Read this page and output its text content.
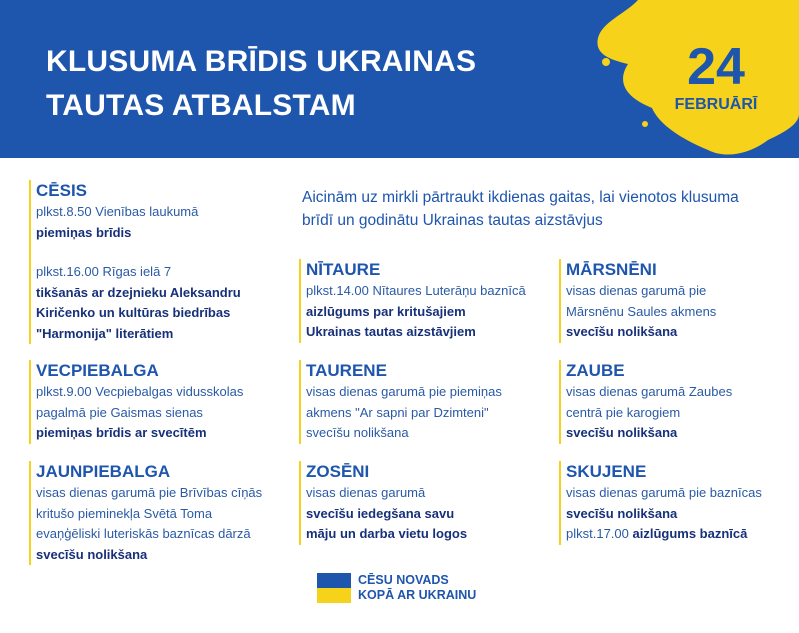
KLUSUMA BRĪDIS UKRAINAS
TAUTAS ATBALSTAM
24
FEBRUĀRĪ
Aicinām uz mirkli pārtraukt ikdienas gaitas, lai vienotos klusuma brīdī un godinātu Ukrainas tautas aizstāvjus
CĒSIS
plkst.8.50 Vienības laukumā
piemiņas brīdis
plkst.16.00 Rīgas ielā 7
tikšanās ar dzejnieku Aleksandru
Kiričenko un kultūras biedrības
"Harmonija" literātiem
VECPIEBALGA
plkst.9.00 Vecpiebalgas vidusskolas
pagalmā pie Gaismas sienas
piemiņas brīdis ar svecītēm
JAUNPIEBALGA
visas dienas garumā pie Brīvības cīņās
kritušo pieminekļa Svētā Toma
evaņģēliski luteriskās baznīcas dārzā
svecīšu nolikšana
NĪTAURE
plkst.14.00 Nītaures Luterāņu baznīcā
aizlūgums par kritušajiem
Ukrainas tautas aizstāvjiem
TAURENE
visas dienas garumā pie piemiņas
akmens "Ar sapni par Dzimteni"
svecīšu nolikšana
ZOSĒNI
visas dienas garumā
svecīšu iedegšana savu
māju un darba vietu logos
MĀRSNĒNI
visas dienas garumā pie
Mārsnēnu Saules akmens
svecīšu nolikšana
ZAUBE
visas dienas garumā Zaubes
centrā pie karogiem
svecīšu nolikšana
SKUJENE
visas dienas garumā pie baznīcas
svecīšu nolikšana
plkst.17.00 aizlūgums baznīcā
CĒSU NOVADS
KOPĀ AR UKRAINU
